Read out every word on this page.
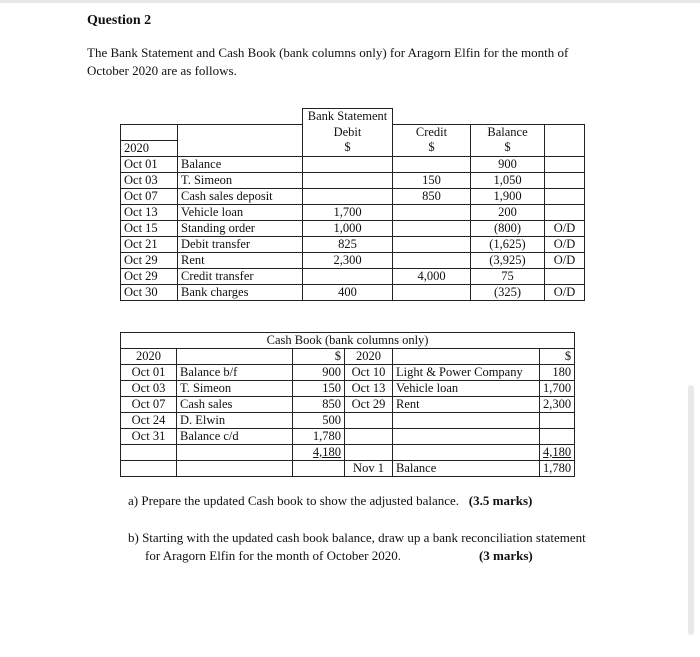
Question 2
The Bank Statement and Cash Book (bank columns only) for Aragorn Elfin for the month of
October 2020 are as follows.
		Bank Statement			
		Debit	Credit	Balance	
2020		$	$	$	
Oct 01	Balance			900	
Oct 03	T. Simeon		150	1,050	
Oct 07	Cash sales deposit		850	1,900	
Oct 13	Vehicle loan	1,700		200	
Oct 15	Standing order	1,000		(800)	O/D
Oct 21	Debit transfer	825		(1,625)	O/D
Oct 29	Rent	2,300		(3,925)	O/D
Oct 29	Credit transfer		4,000	75	
Oct 30	Bank charges	400		(325)	O/D
Cash Book (bank columns only)					
2020		$	2020		$
Oct 01	Balance b/f	900	Oct 10	Light & Power Company	180
Oct 03	T. Simeon	150	Oct 13	Vehicle loan	1,700
Oct 07	Cash sales	850	Oct 29	Rent	2,300
Oct 24	D. Elwin	500			
Oct 31	Balance c/d	1,780			
		4,180			4,180
			Nov 1	Balance	1,780
a) Prepare the updated Cash book to show the adjusted balance. (3.5 marks)
b) Starting with the updated cash book balance, draw up a bank reconciliation statement
for Aragorn Elfin for the month of October 2020.	(3 marks)
